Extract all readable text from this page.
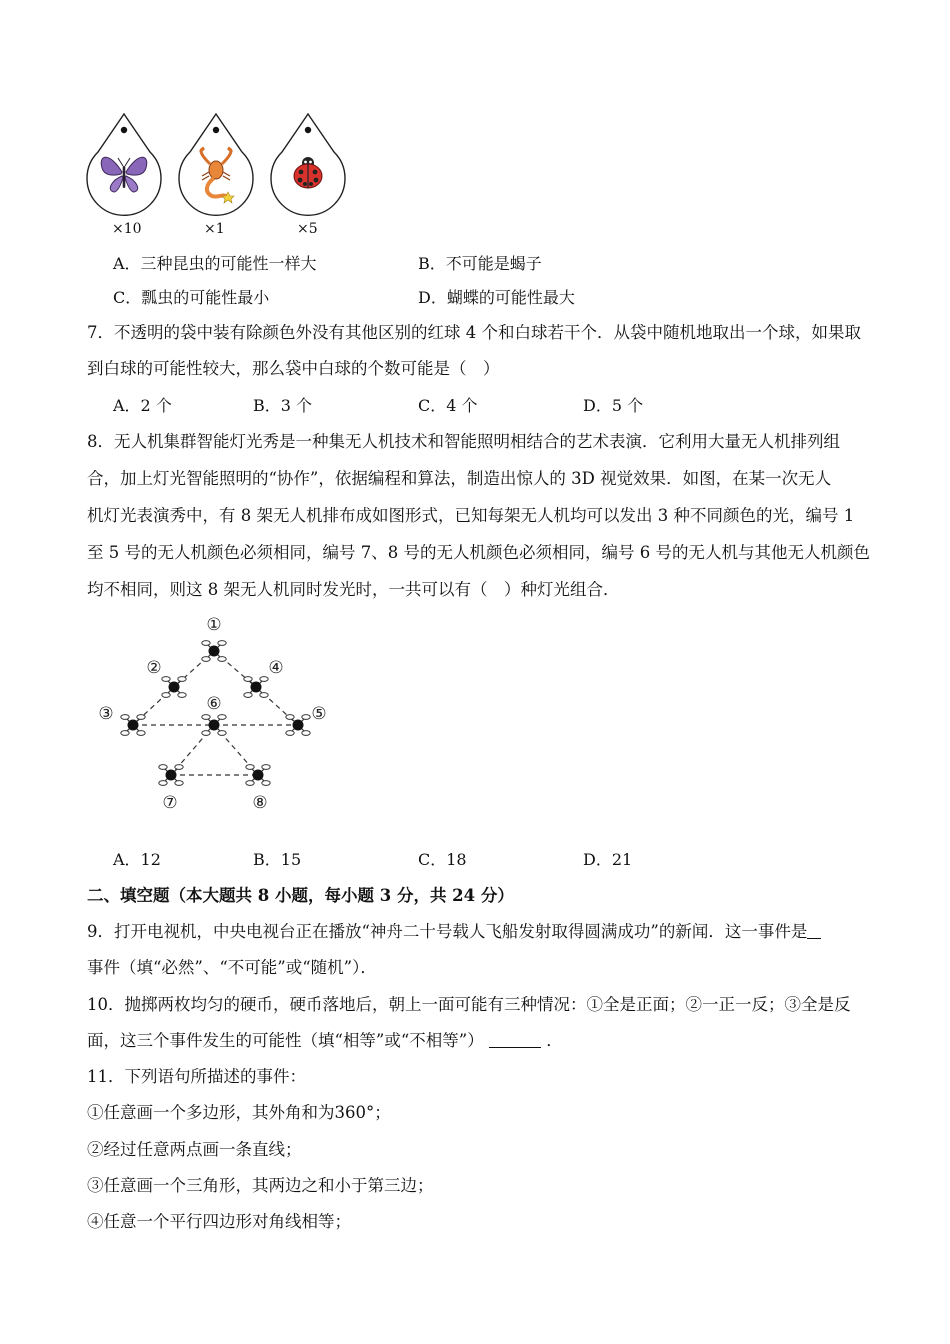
×10	×1	×5
A．三种昆虫的可能性一样大	B．不可能是蝎子
C．瓢虫的可能性最小	D．蝴蝶的可能性最大
7．不透明的袋中装有除颜色外没有其他区别的红球 4 个和白球若干个．从袋中随机地取出一个球，如果取
到白球的可能性较大，那么袋中白球的个数可能是（　）
A．2 个	B．3 个	C．4 个	D．5 个
8．无人机集群智能灯光秀是一种集无人机技术和智能照明相结合的艺术表演．它利用大量无人机排列组
合，加上灯光智能照明的“协作”，依据编程和算法，制造出惊人的 3D 视觉效果．如图，在某一次无人
机灯光表演秀中，有 8 架无人机排布成如图形式，已知每架无人机均可以发出 3 种不同颜色的光，编号 1
至 5 号的无人机颜色必须相同，编号 7、8 号的无人机颜色必须相同，编号 6 号的无人机与其他无人机颜色
均不相同，则这 8 架无人机同时发光时，一共可以有（　）种灯光组合．
①
②
③
④
⑤
⑥
⑦	⑧
A．12	B．15	C．18	D．21
二、填空题（本大题共 8 小题，每小题 3 分，共 24 分）
9．打开电视机，中央电视台正在播放“神舟二十号载人飞船发射取得圆满成功”的新闻．这一事件是
事件（填“必然”、“不可能”或“随机”）．
10．抛掷两枚均匀的硬币，硬币落地后，朝上一面可能有三种情况：①全是正面；②一正一反；③全是反
面，这三个事件发生的可能性（填“相等”或“不相等”）	．
11．下列语句所描述的事件：
①任意画一个多边形，其外角和为360°；
②经过任意两点画一条直线；
③任意画一个三角形，其两边之和小于第三边；
④任意一个平行四边形对角线相等；
